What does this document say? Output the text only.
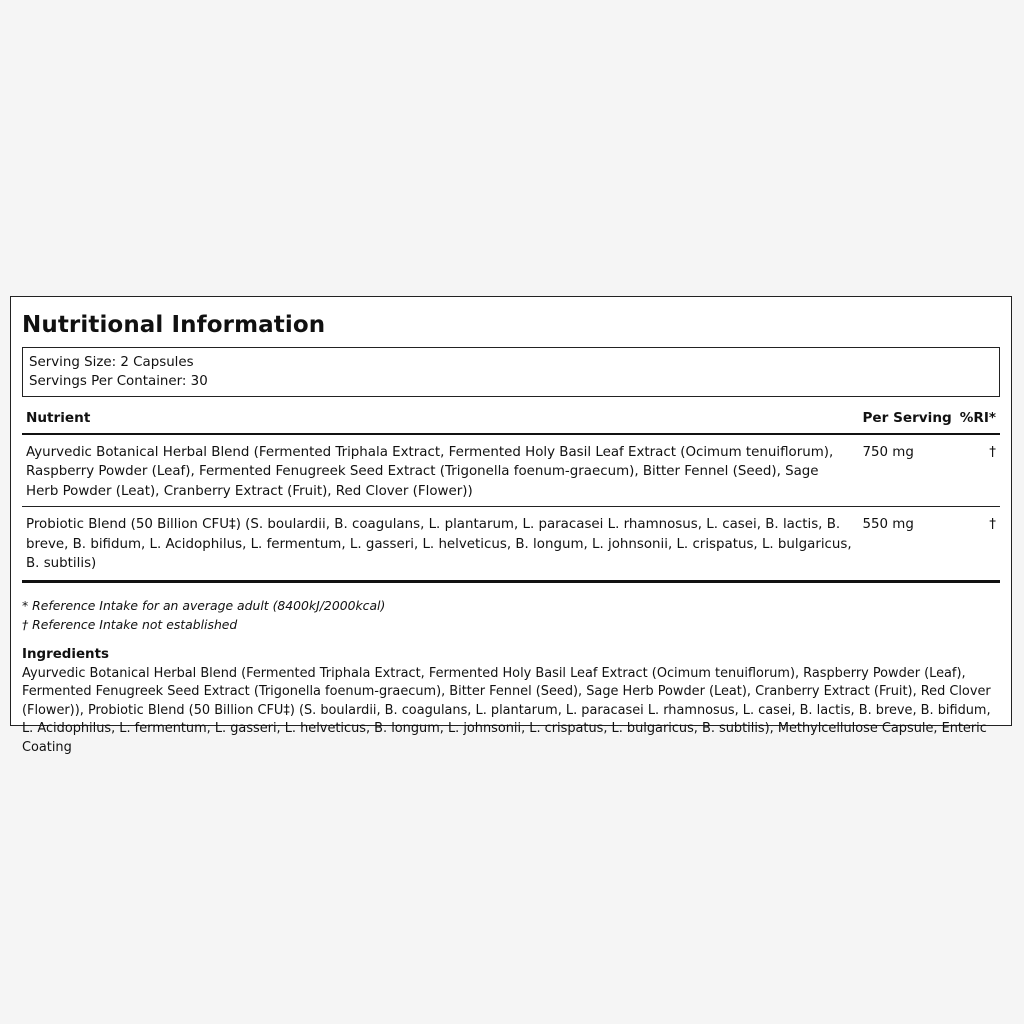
Nutritional Information
Serving Size: 2 Capsules
Servings Per Container: 30
Nutrient	Per Serving	%RI*
Ayurvedic Botanical Herbal Blend (Fermented Triphala Extract, Fermented Holy Basil Leaf Extract (Ocimum tenuiflorum), Raspberry Powder (Leaf), Fermented Fenugreek Seed Extract (Trigonella foenum-graecum), Bitter Fennel (Seed), Sage Herb Powder (Leat), Cranberry Extract (Fruit), Red Clover (Flower))	750 mg	†
Probiotic Blend (50 Billion CFU‡) (S. boulardii, B. coagulans, L. plantarum, L. paracasei L. rhamnosus, L. casei, B. lactis, B. breve, B. bifidum, L. Acidophilus, L. fermentum, L. gasseri, L. helveticus, B. longum, L. johnsonii, L. crispatus, L. bulgaricus, B. subtilis)	550 mg	†
* Reference Intake for an average adult (8400kJ/2000kcal)
† Reference Intake not established
Ingredients
Ayurvedic Botanical Herbal Blend (Fermented Triphala Extract, Fermented Holy Basil Leaf Extract (Ocimum tenuiflorum), Raspberry Powder (Leaf), Fermented Fenugreek Seed Extract (Trigonella foenum-graecum), Bitter Fennel (Seed), Sage Herb Powder (Leat), Cranberry Extract (Fruit), Red Clover (Flower)), Probiotic Blend (50 Billion CFU‡) (S. boulardii, B. coagulans, L. plantarum, L. paracasei L. rhamnosus, L. casei, B. lactis, B. breve, B. bifidum, L. Acidophilus, L. fermentum, L. gasseri, L. helveticus, B. longum, L. johnsonii, L. crispatus, L. bulgaricus, B. subtilis), Methylcellulose Capsule, Enteric Coating
